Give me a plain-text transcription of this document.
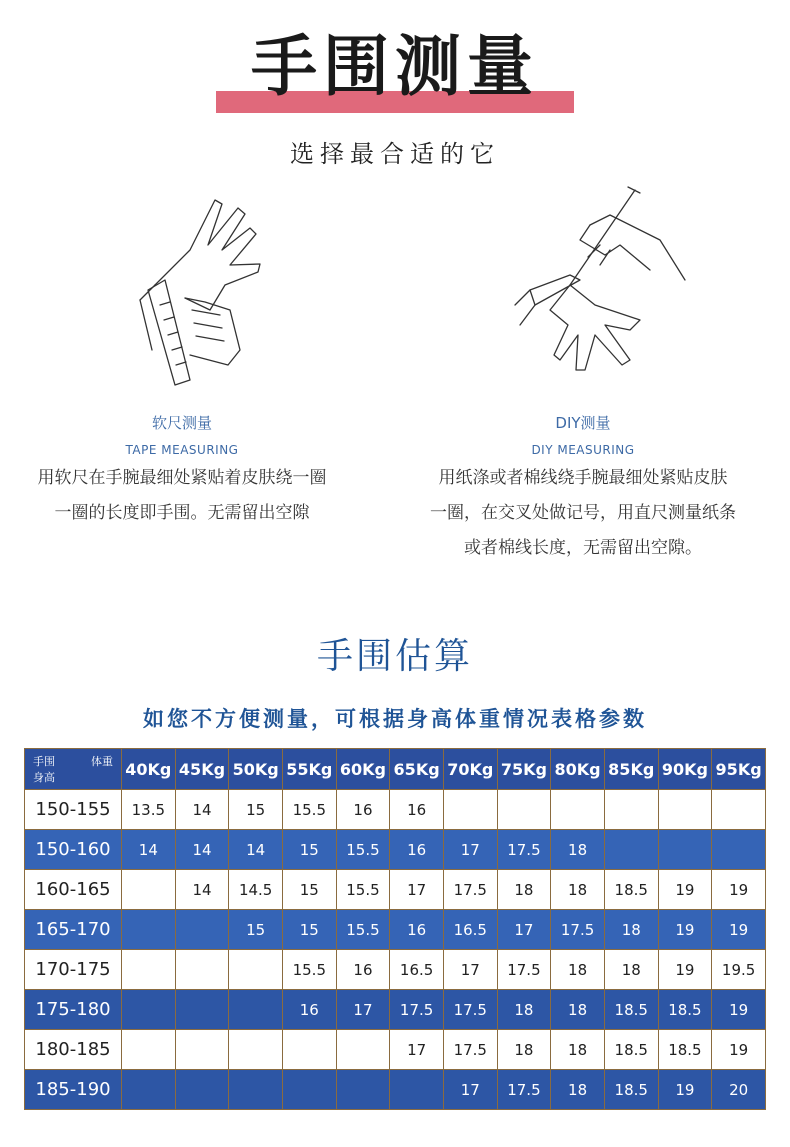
手围测量
选择最合适的它
软尺测量
TAPE MEASURING
用软尺在手腕最细处紧贴着皮肤绕一圈
一圈的长度即手围。无需留出空隙
DIY测量
DIY MEASURING
用纸涤或者棉线绕手腕最细处紧贴皮肤
一圈，在交叉处做记号，用直尺测量纸条
或者棉线长度，无需留出空隙。
手围估算
如您不方便测量，可根据身高体重情况表格参数
手围 体重
身高	40Kg	45Kg	50Kg	55Kg	60Kg	65Kg	70Kg	75Kg	80Kg	85Kg	90Kg	95Kg
150-155	13.5	14	15	15.5	16	16						
150-160	14	14	14	15	15.5	16	17	17.5	18			
160-165		14	14.5	15	15.5	17	17.5	18	18	18.5	19	19
165-170			15	15	15.5	16	16.5	17	17.5	18	19	19
170-175				15.5	16	16.5	17	17.5	18	18	19	19.5
175-180				16	17	17.5	17.5	18	18	18.5	18.5	19
180-185						17	17.5	18	18	18.5	18.5	19
185-190							17	17.5	18	18.5	19	20
